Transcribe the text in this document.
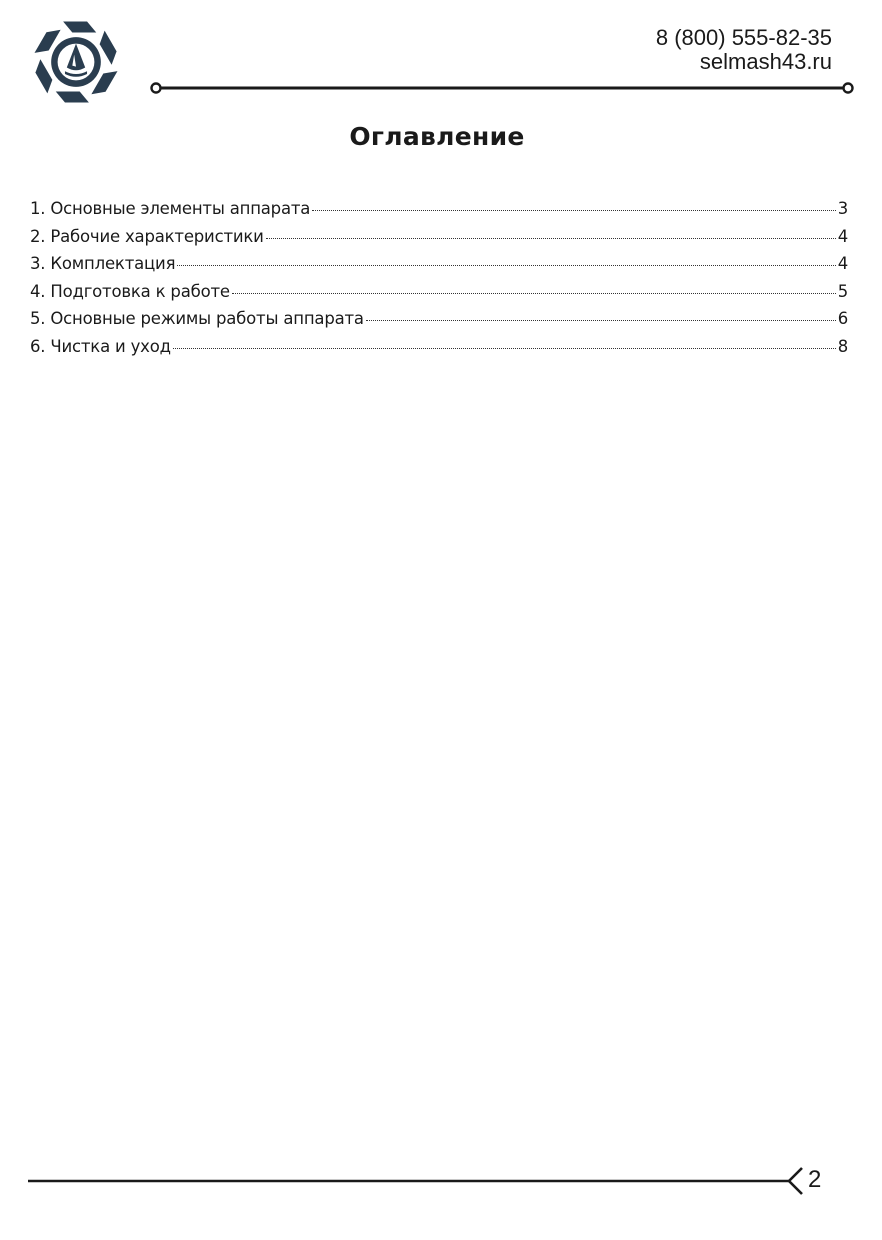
8 (800) 555-82-35
selmash43.ru
Оглавление
1. Основные элементы аппарата	3
2. Рабочие характеристики	4
3. Комплектация	4
4. Подготовка к работе	5
5. Основные режимы работы аппарата	6
6. Чистка и уход	8
2
